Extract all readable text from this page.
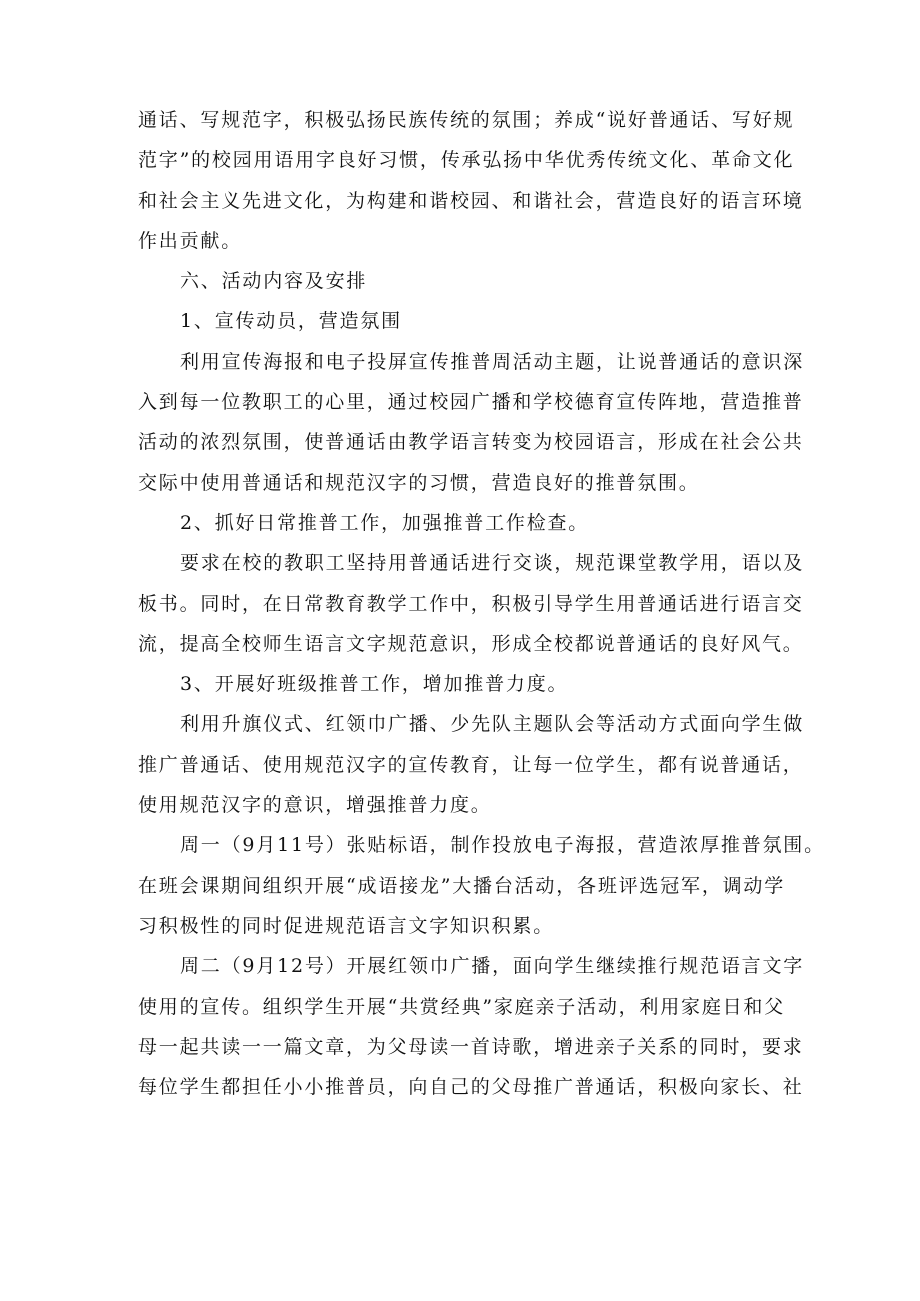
通话、写规范字，积极弘扬民族传统的氛围；养成“说好普通话、写好规
范字”的校园用语用字良好习惯，传承弘扬中华优秀传统文化、革命文化
和社会主义先进文化，为构建和谐校园、和谐社会，营造良好的语言环境
作出贡献。
六、活动内容及安排
1、宣传动员，营造氛围
利用宣传海报和电子投屏宣传推普周活动主题，让说普通话的意识深
入到每一位教职工的心里，通过校园广播和学校德育宣传阵地，营造推普
活动的浓烈氛围，使普通话由教学语言转变为校园语言，形成在社会公共
交际中使用普通话和规范汉字的习惯，营造良好的推普氛围。
2、抓好日常推普工作，加强推普工作检查。
要求在校的教职工坚持用普通话进行交谈，规范课堂教学用，语以及
板书。同时，在日常教育教学工作中，积极引导学生用普通话进行语言交
流，提高全校师生语言文字规范意识，形成全校都说普通话的良好风气。
3、开展好班级推普工作，增加推普力度。
利用升旗仪式、红领巾广播、少先队主题队会等活动方式面向学生做
推广普通话、使用规范汉字的宣传教育，让每一位学生，都有说普通话，
使用规范汉字的意识，增强推普力度。
周一（9月11号）张贴标语，制作投放电子海报，营造浓厚推普氛围。
在班会课期间组织开展“成语接龙”大播台活动，各班评选冠军，调动学
习积极性的同时促进规范语言文字知识积累。
周二（9月12号）开展红领巾广播，面向学生继续推行规范语言文字
使用的宣传。组织学生开展“共赏经典”家庭亲子活动，利用家庭日和父
母一起共读一一篇文章，为父母读一首诗歌，增进亲子关系的同时，要求
每位学生都担任小小推普员，向自己的父母推广普通话，积极向家长、社
